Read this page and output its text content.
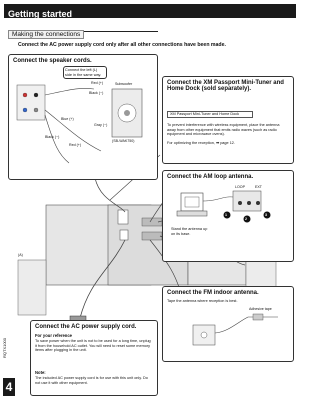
Getting started
Making the connections
Connect the AC power supply cord only after all other connections have been made.
(A)
Connect the speaker cords.
Connect the left (L) side in the same way.
Red (+)
Black (−)
Blue (+)
Gray (−)
Black (−)
Red (+)
Subwoofer
(SB-WAK750)
Connect the XM Passport Mini-Tuner and Home Dock (sold separately).
XM Passport Mini-Tuner and Home Dock
To prevent interference with wireless equipment, place the antenna away from other equipment that emits radio waves (such as radio equipment and microwave ovens).
For optimizing the reception, ➡ page 12.
Connect the AM loop antenna.
1
2
3
LOOP	EXT
Stand the antenna up on its base.
Connect the FM indoor antenna.
Tape the antenna where reception is best.
Adhesive tape
Connect the AC power supply cord.
For your reference
To save power when the unit is not to be used for a long time, unplug it from the household AC outlet. You will need to reset some memory items after plugging in the unit.
Note:
The included AC power supply cord is for use with this unit only. Do not use it with other equipment.
RQTX1000
4
